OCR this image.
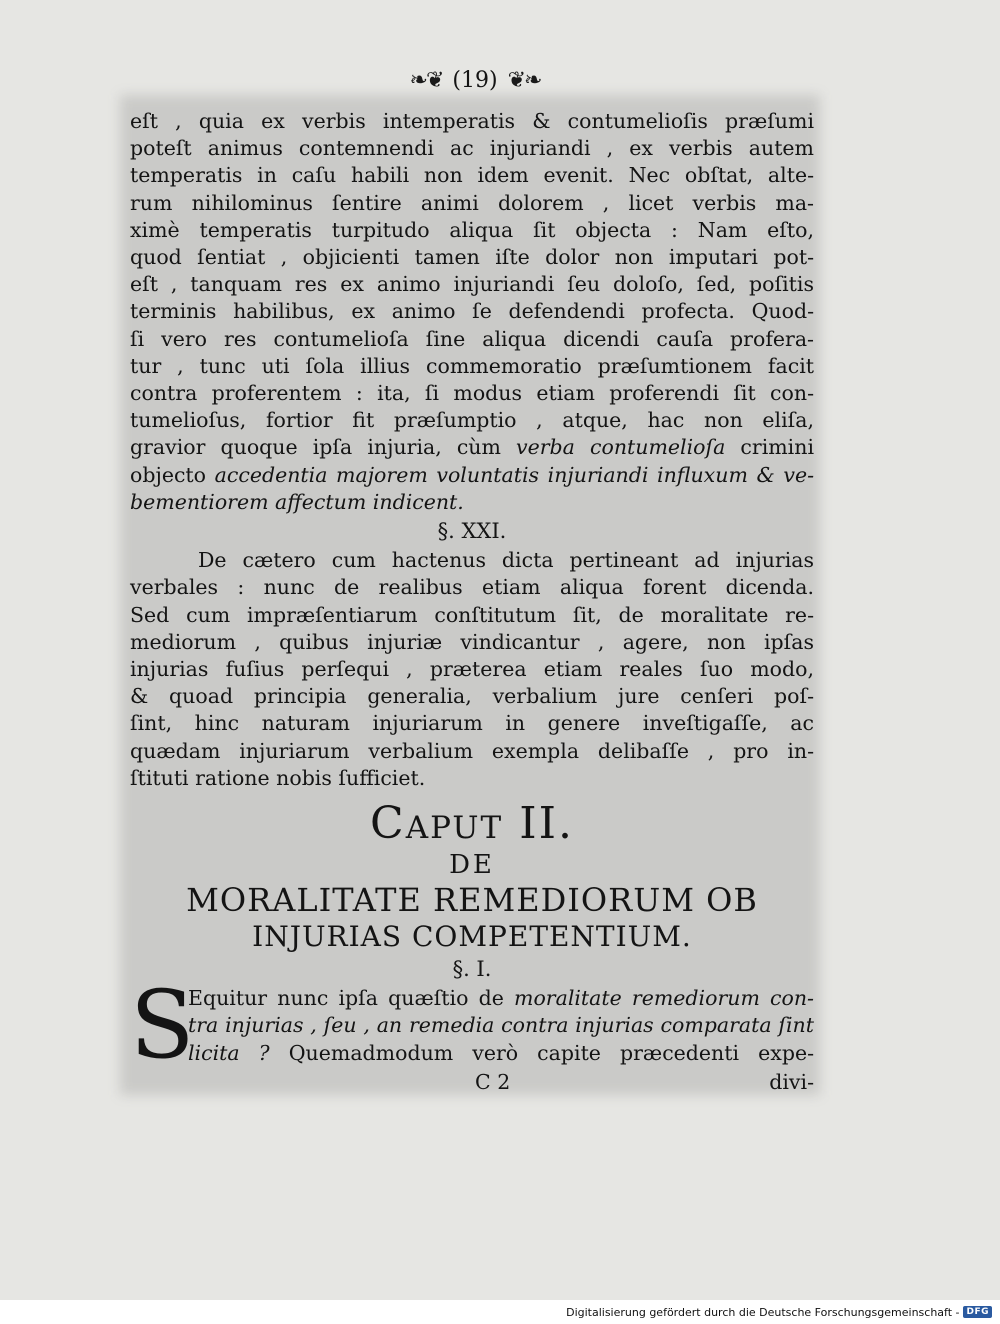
❧❦ (19) ❦❧
eſt , quia ex verbis intemperatis & contumelioſis præſumi
poteſt animus contemnendi ac injuriandi , ex verbis autem
temperatis in caſu habili non idem evenit. Nec obſtat, alte-
rum nihilominus ſentire animi dolorem , licet verbis ma-
ximè temperatis turpitudo aliqua ſit objecta : Nam eſto,
quod ſentiat , objicienti tamen iſte dolor non imputari pot-
eſt , tanquam res ex animo injuriandi ſeu doloſo, ſed, poſitis
terminis habilibus, ex animo ſe defendendi profecta. Quod-
ſi vero res contumelioſa ſine aliqua dicendi cauſa profera-
tur , tunc uti ſola illius commemoratio præſumtionem facit
contra proferentem : ita, ſi modus etiam proferendi ſit con-
tumelioſus, fortior fit præſumptio , atque, hac non eliſa,
gravior quoque ipſa injuria, cùm verba contumelioſa crimini
objecto accedentia majorem voluntatis injuriandi influxum & ve-
bementiorem affectum indicent.
§. XXI.
De cætero cum hactenus dicta pertineant ad injurias
verbales : nunc de realibus etiam aliqua forent dicenda.
Sed cum impræſentiarum conſtitutum ſit, de moralitate re-
mediorum , quibus injuriæ vindicantur , agere, non ipſas
injurias fuſius perſequi , præterea etiam reales ſuo modo,
& quoad principia generalia, verbalium jure cenſeri poſ-
ſint, hinc naturam injuriarum in genere inveſtigaſſe, ac
quædam injuriarum verbalium exempla delibaſſe , pro in-
ſtituti ratione nobis ſufficiet.
Caput II.
DE
MORALITATE REMEDIORUM OB
INJURIAS COMPETENTIUM.
§. I.
S
Equitur nunc ipſa quæſtio de moralitate remediorum con-
tra injurias , ſeu , an remedia contra injurias comparata ſint
licita ? Quemadmodum verò capite præcedenti expe-
C 2	divi-
Digitalisierung gefördert durch die Deutsche Forschungsgemeinschaft - DFG
